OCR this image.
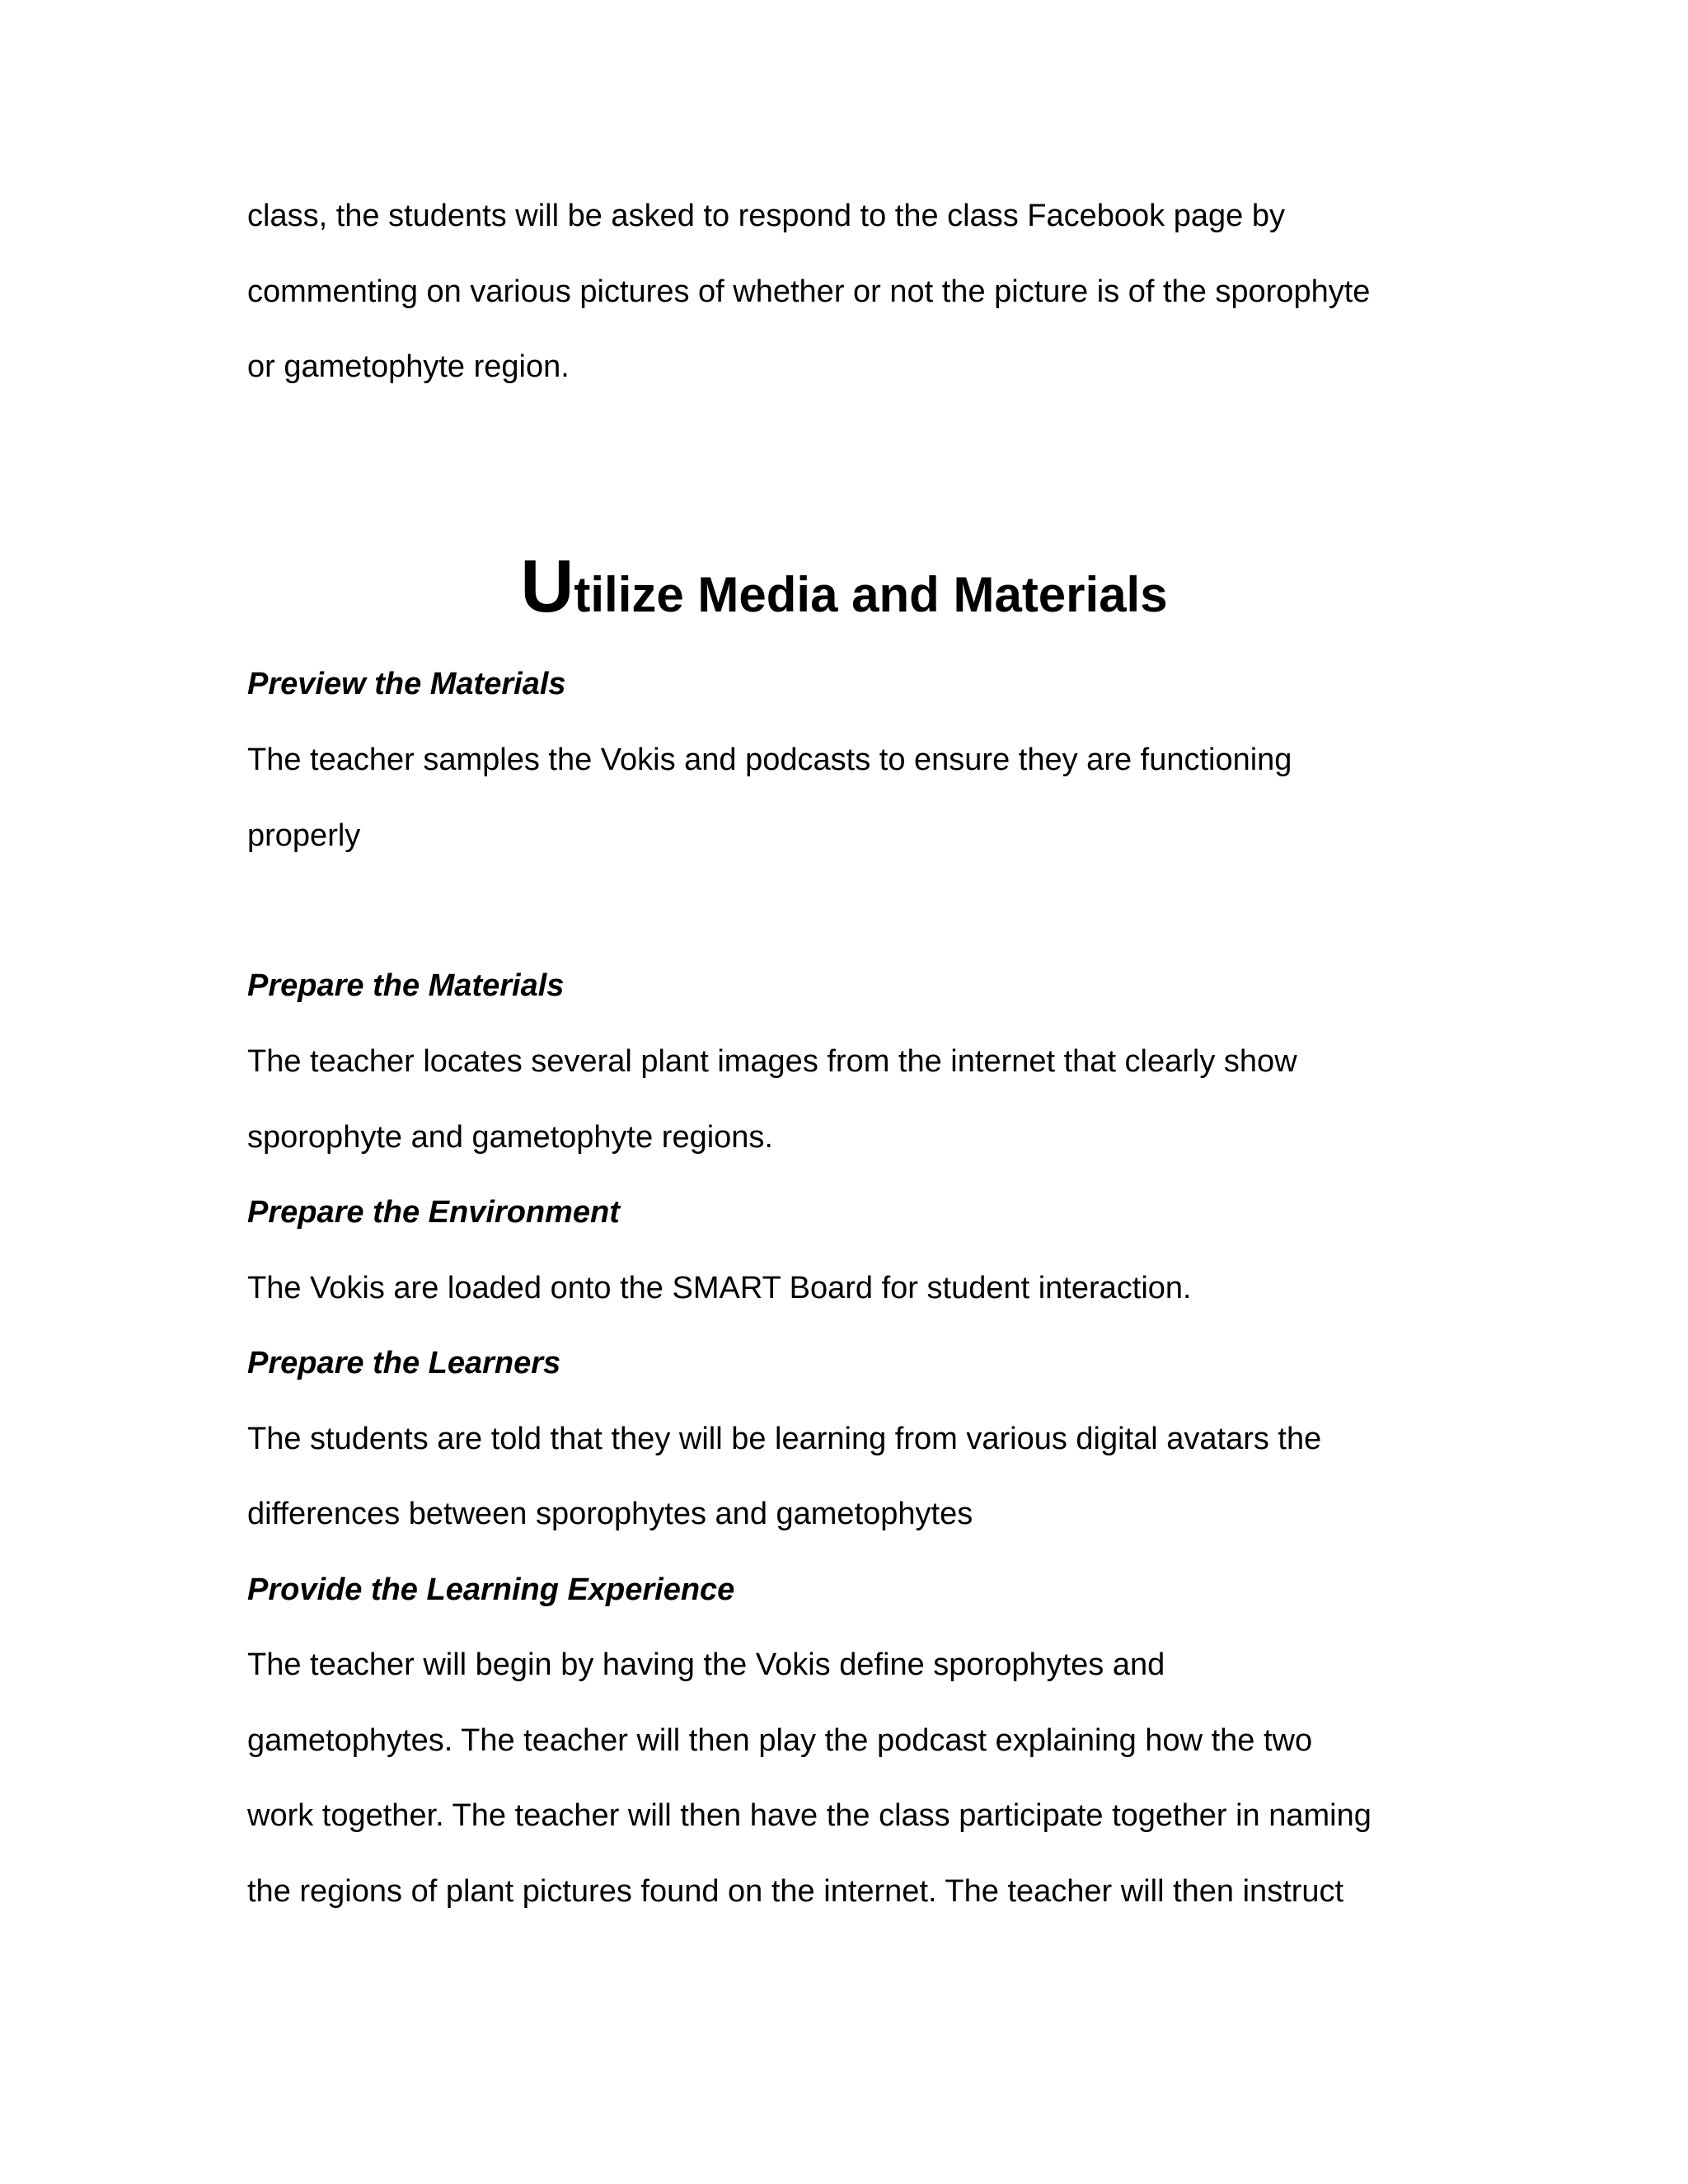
class, the students will be asked to respond to the class Facebook page by

commenting on various pictures of whether or not the picture is of the sporophyte

or gametophyte region.

Utilize Media and Materials
Preview the Materials

The teacher samples the Vokis and podcasts to ensure they are functioning

properly

Prepare the Materials

The teacher locates several plant images from the internet that clearly show

sporophyte and gametophyte regions.

Prepare the Environment

The Vokis are loaded onto the SMART Board for student interaction.

Prepare the Learners

The students are told that they will be learning from various digital avatars the

differences between sporophytes and gametophytes

Provide the Learning Experience

The teacher will begin by having the Vokis define sporophytes and

gametophytes. The teacher will then play the podcast explaining how the two

work together. The teacher will then have the class participate together in naming

the regions of plant pictures found on the internet. The teacher will then instruct
